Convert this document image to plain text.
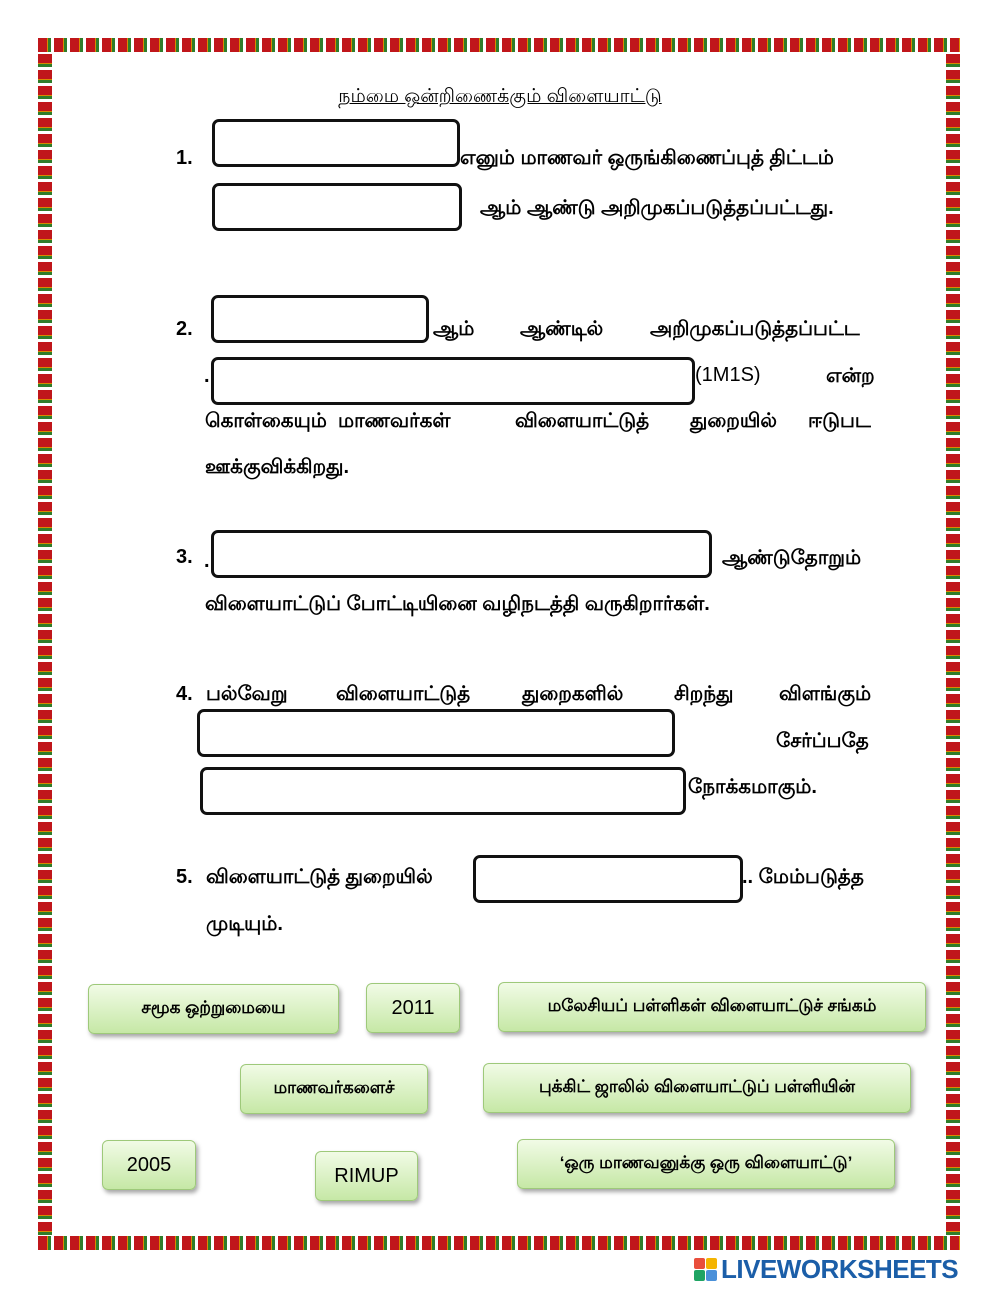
நம்மை ஒன்றிணைக்கும் விளையாட்டு
1.	எனும் மாணவர் ஒருங்கிணைப்புத் திட்டம்
ஆம் ஆண்டு அறிமுகப்படுத்தப்பட்டது.
2.	ஆம் ஆண்டில் அறிமுகப்படுத்தப்பட்ட
.	(1M1S)	என்ற
கொள்கையும் மாணவர்கள்	விளையாட்டுத் துறையில் ஈடுபட
ஊக்குவிக்கிறது.
3. .	ஆண்டுதோறும்
விளையாட்டுப் போட்டியினை வழிநடத்தி வருகிறார்கள்.
4. பல்வேறு விளையாட்டுத்	துறைகளில்	சிறந்து விளங்கும்
சேர்ப்பதே
நோக்கமாகும்.
5. விளையாட்டுத் துறையில்	.. மேம்படுத்த
முடியும்.
சமூக ஒற்றுமையை	2011	மலேசியப் பள்ளிகள் விளையாட்டுச் சங்கம்
மாணவர்களைச்	புக்கிட் ஜாலில் விளையாட்டுப் பள்ளியின்
2005	RIMUP
‘ஒரு மாணவனுக்கு ஒரு விளையாட்டு’
LIVEWORKSHEETS
